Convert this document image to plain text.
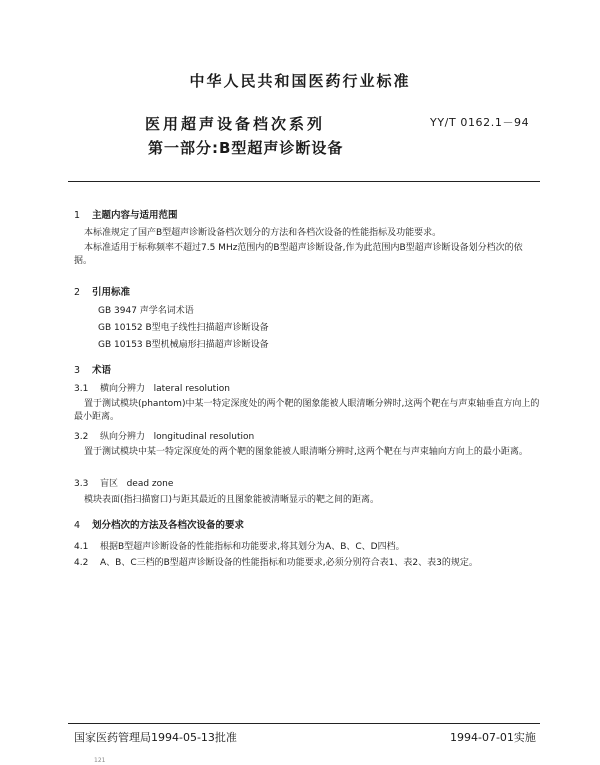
中华人民共和国医药行业标准
医用超声设备档次系列	YY/T 0162.1－94
第一部分:B型超声诊断设备
1 主题内容与适用范围
本标准规定了国产B型超声诊断设备档次划分的方法和各档次设备的性能指标及功能要求。
本标准适用于标称频率不超过7.5 MHz范围内的B型超声诊断设备,作为此范围内B型超声诊断设备划分档次的依据。
2 引用标准
GB 3947 声学名词术语
GB 10152 B型电子线性扫描超声诊断设备
GB 10153 B型机械扇形扫描超声诊断设备
3 术语
3.1 横向分辨力   lateral resolution
置于测试模块(phantom)中某一特定深度处的两个靶的图象能被人眼清晰分辨时,这两个靶在与声束轴垂直方向上的最小距离。
3.2 纵向分辨力   longitudinal resolution
置于测试模块中某一特定深度处的两个靶的图象能被人眼清晰分辨时,这两个靶在与声束轴向方向上的最小距离。
3.3 盲区   dead zone
模块表面(指扫描窗口)与距其最近的且图象能被清晰显示的靶之间的距离。
4 划分档次的方法及各档次设备的要求
4.1 根据B型超声诊断设备的性能指标和功能要求,将其划分为A、B、C、D四档。
4.2 A、B、C三档的B型超声诊断设备的性能指标和功能要求,必须分别符合表1、表2、表3的规定。
国家医药管理局1994-05-13批准	1994-07-01实施
121
